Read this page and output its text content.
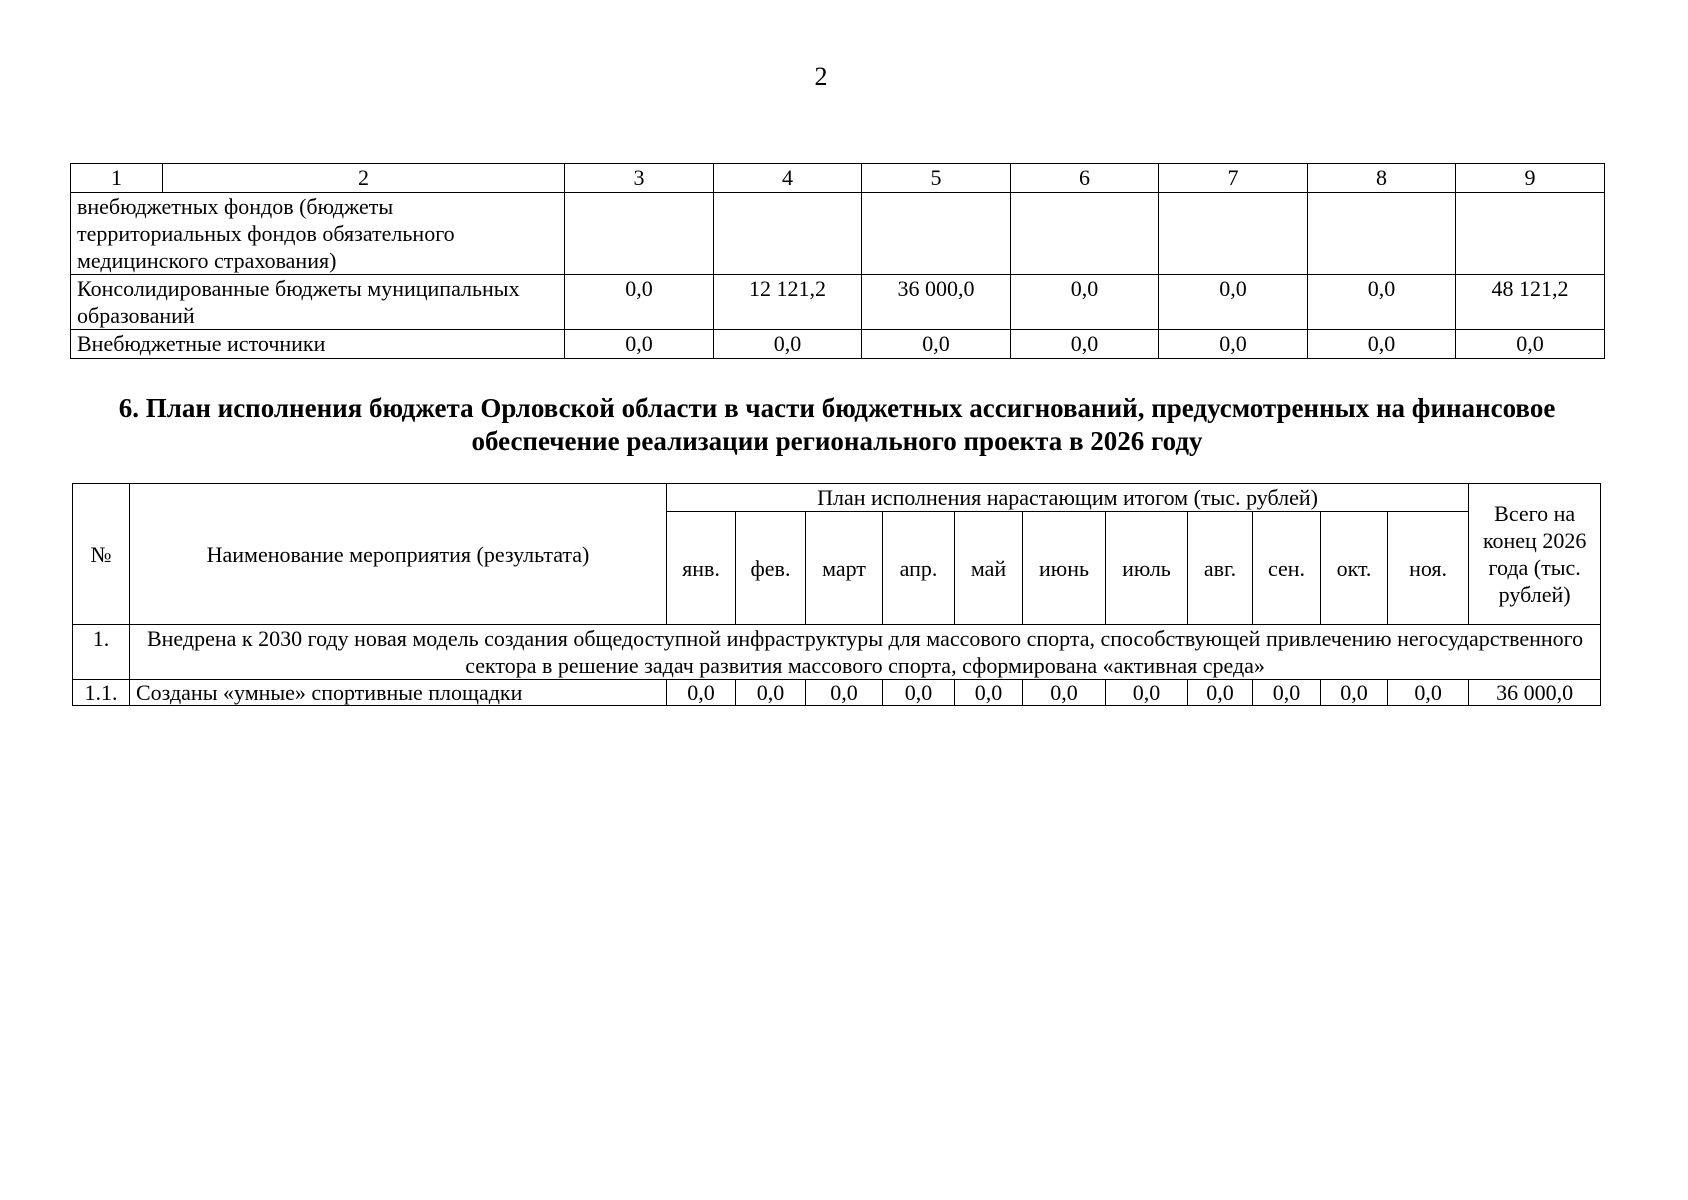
2
1	2	3	4	5	6	7	8	9
внебюджетных фондов (бюджеты территориальных фондов обязательного медицинского страхования)								
Консолидированные бюджеты муниципальных образований		0,0	12 121,2	36 000,0	0,0	0,0	0,0	48 121,2
Внебюджетные источники		0,0	0,0	0,0	0,0	0,0	0,0	0,0
6. План исполнения бюджета Орловской области в части бюджетных ассигнований, предусмотренных на финансовое обеспечение реализации регионального проекта в 2026 году
№	Наименование мероприятия (результата)	План исполнения нарастающим итогом (тыс. рублей)											Всего на конец 2026 года (тыс. рублей)
		янв.	фев.	март	апр.	май	июнь	июль	авг.	сен.	окт.	ноя.	
1.	Внедрена к 2030 году новая модель создания общедоступной инфраструктуры для массового спорта, способствующей привлечению негосударственного сектора в решение задач развития массового спорта, сформирована «активная среда»												
1.1.	Созданы «умные» спортивные площадки	0,0	0,0	0,0	0,0	0,0	0,0	0,0	0,0	0,0	0,0	0,0	36 000,0
